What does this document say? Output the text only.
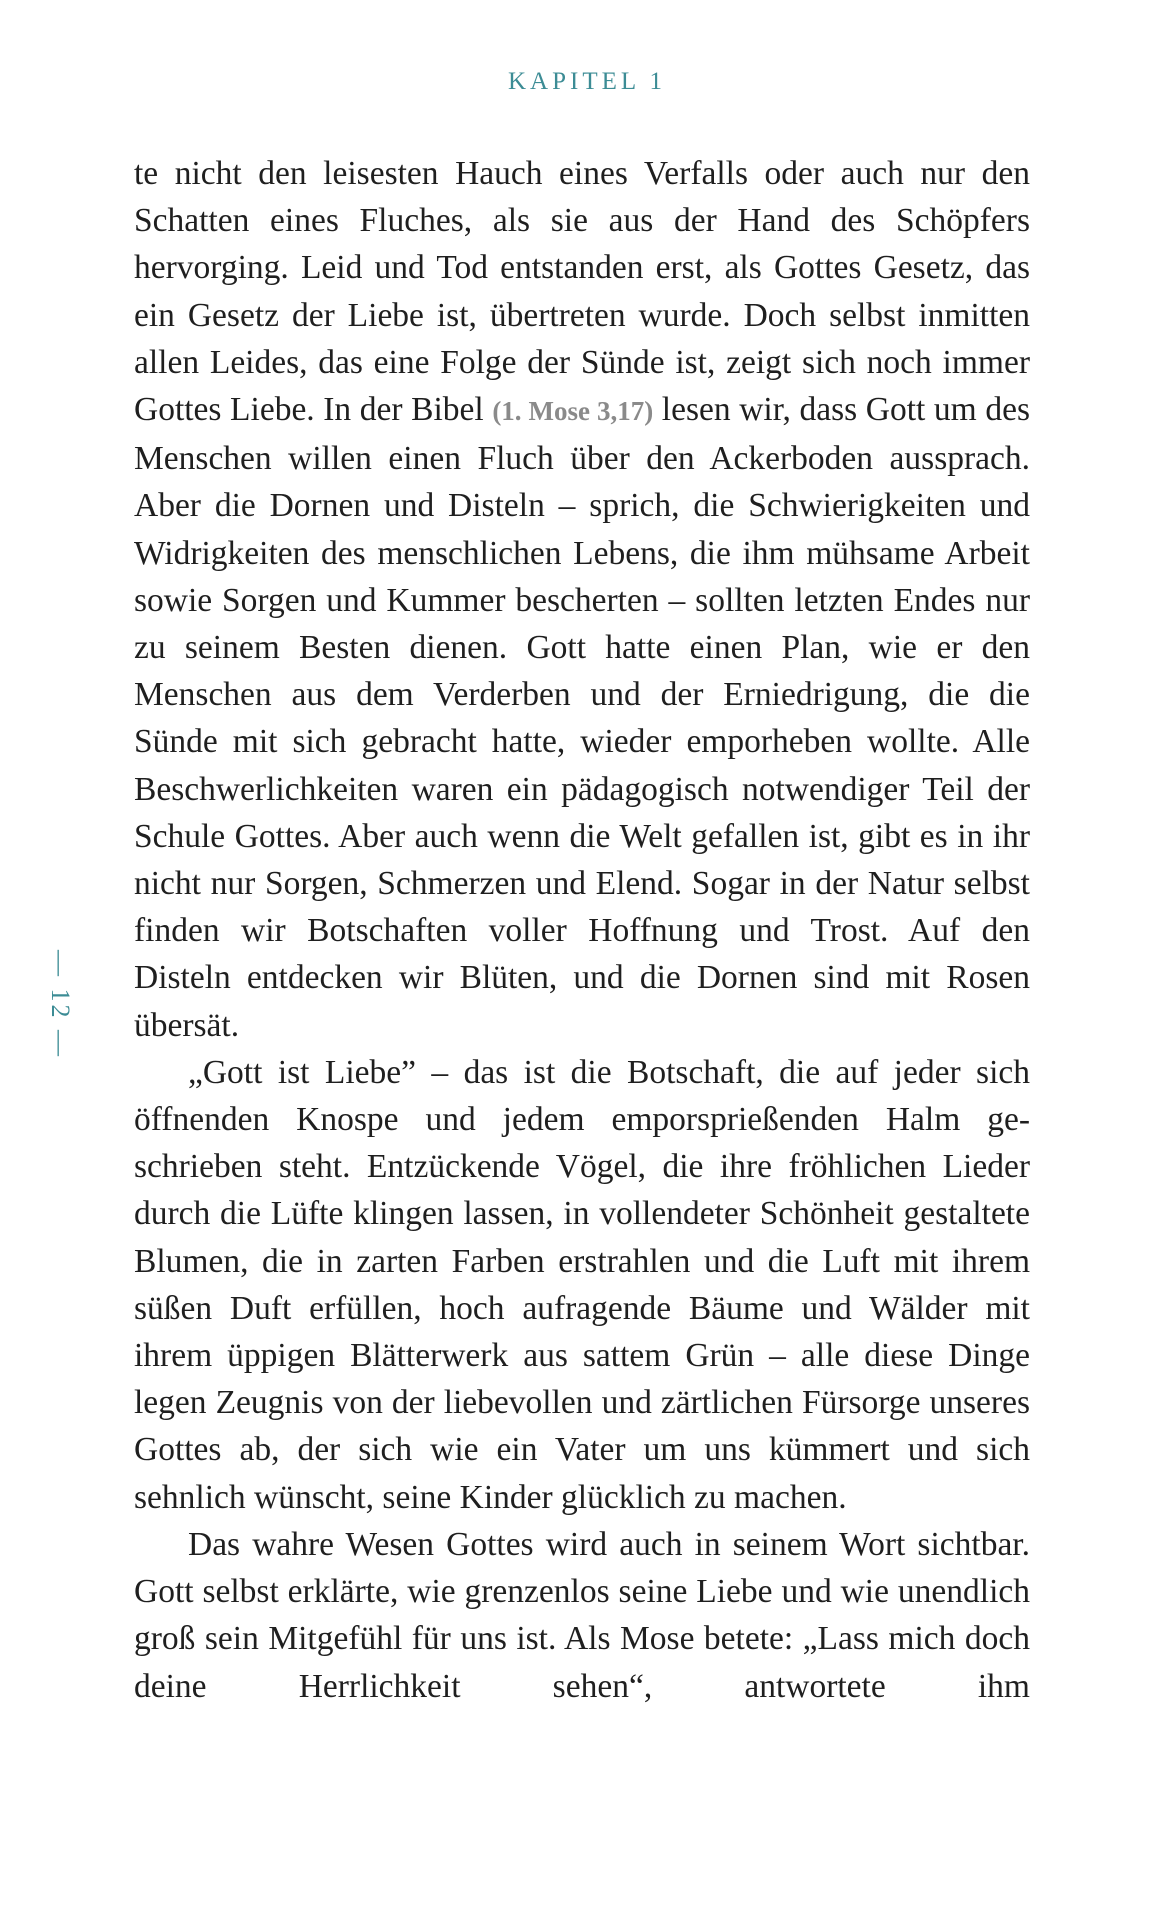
KAPITEL 1
— 12 —

te nicht den leisesten Hauch eines Verfalls oder auch nur den Schatten eines Fluches, als sie aus der Hand des Schöpfers hervorging. Leid und Tod entstanden erst, als Gottes Gesetz, das ein Gesetz der Liebe ist, übertreten wurde. Doch selbst inmitten allen Leides, das eine Folge der Sünde ist, zeigt sich noch immer Gottes Liebe. In der Bibel (1. Mose 3,17) lesen wir, dass Gott um des Menschen willen einen Fluch über den Ackerboden aussprach. Aber die Dornen und Disteln – sprich, die Schwierigkeiten und Widrigkeiten des menschlichen Lebens, die ihm mühsame Arbeit sowie Sorgen und Kummer bescherten – sollten letzten Endes nur zu seinem Besten dienen. Gott hatte einen Plan, wie er den Menschen aus dem Verderben und der Erniedrigung, die die Sünde mit sich gebracht hatte, wieder emporheben wollte. Alle Beschwerlichkeiten waren ein pädagogisch notwendiger Teil der Schule Gottes. Aber auch wenn die Welt gefallen ist, gibt es in ihr nicht nur Sorgen, Schmerzen und Elend. Sogar in der Natur selbst finden wir Botschaften voller Hoffnung und Trost. Auf den Disteln entdecken wir Blüten, und die Dornen sind mit Rosen übersät.

„Gott ist Liebe” – das ist die Botschaft, die auf jeder sich öffnenden Knospe und jedem emporsprießenden Halm geschrieben steht. Entzückende Vögel, die ihre fröhlichen Lieder durch die Lüfte klingen lassen, in vollendeter Schönheit gestaltete Blumen, die in zarten Farben erstrahlen und die Luft mit ihrem süßen Duft erfüllen, hoch aufragende Bäume und Wälder mit ihrem üppigen Blätterwerk aus sattem Grün – alle diese Dinge legen Zeugnis von der liebevollen und zärtlichen Fürsorge unseres Gottes ab, der sich wie ein Vater um uns kümmert und sich sehnlich wünscht, seine Kinder glücklich zu machen.

Das wahre Wesen Gottes wird auch in seinem Wort sichtbar. Gott selbst erklärte, wie grenzenlos seine Liebe und wie unendlich groß sein Mitgefühl für uns ist. Als Mose betete: „Lass mich doch deine Herrlichkeit sehen“, antwortete ihm
